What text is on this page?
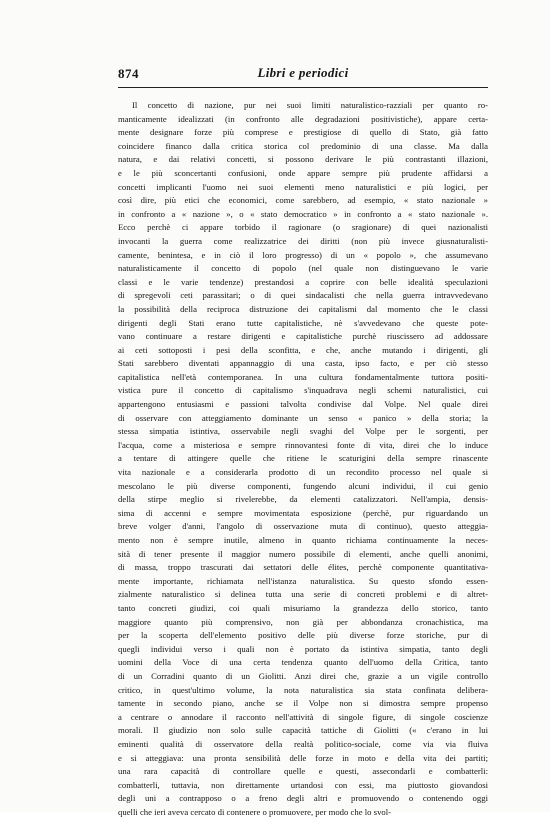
874	Libri e periodici
Il concetto di nazione, pur nei suoi limiti naturalistico-razziali per quanto ro-
manticamente idealizzati (in confronto alle degradazioni positivistiche), appare certa-
mente designare forze più comprese e prestigiose di quello di Stato, già fatto
coincidere financo dalla critica storica col predominio di una classe. Ma dalla
natura, e dai relativi concetti, si possono derivare le più contrastanti illazioni,
e le più sconcertanti confusioni, onde appare sempre più prudente affidarsi a
concetti implicanti l'uomo nei suoi elementi meno naturalistici e più logici, per
così dire, più etici che economici, come sarebbero, ad esempio, « stato nazionale »
in confronto a « nazione », o « stato democratico » in confronto a « stato nazionale ».
Ecco perchè ci appare torbido il ragionare (o sragionare) di quei nazionalisti
invocanti la guerra come realizzatrice dei diritti (non più invece giusnaturalisti-
camente, benintesa, e in ciò il loro progresso) di un « popolo », che assumevano
naturalisticamente il concetto di popolo (nel quale non distinguevano le varie
classi e le varie tendenze) prestandosi a coprire con belle idealità speculazioni
di spregevoli ceti parassitari; o di quei sindacalisti che nella guerra intravvedevano
la possibilità della reciproca distruzione dei capitalismi dal momento che le classi
dirigenti degli Stati erano tutte capitalistiche, nè s'avvedevano che queste pote-
vano continuare a restare dirigenti e capitalistiche purchè riuscissero ad addossare
ai ceti sottoposti i pesi della sconfitta, e che, anche mutando i dirigenti, gli
Stati sarebbero diventati appannaggio di una casta, ipso facto, e per ciò stesso
capitalistica nell'età contemporanea. In una cultura fondamentalmente tuttora positi-
vistica pure il concetto di capitalismo s'inquadrava negli schemi naturalistici, cui
appartengono entusiasmi e passioni talvolta condivise dal Volpe. Nel quale direi
di osservare con atteggiamento dominante un senso « panico » della storia; la
stessa simpatia istintiva, osservabile negli svaghi del Volpe per le sorgenti, per
l'acqua, come a misteriosa e sempre rinnovantesi fonte di vita, direi che lo induce
a tentare di attingere quelle che ritiene le scaturigini della sempre rinascente
vita nazionale e a considerarla prodotto di un recondito processo nel quale si
mescolano le più diverse componenti, fungendo alcuni individui, il cui genio
della stirpe meglio si rivelerebbe, da elementi catalizzatori. Nell'ampia, densis-
sima di accenni e sempre movimentata esposizione (perchè, pur riguardando un
breve volger d'anni, l'angolo di osservazione muta di continuo), questo atteggia-
mento non è sempre inutile, almeno in quanto richiama continuamente la neces-
sità di tener presente il maggior numero possibile di elementi, anche quelli anonimi,
di massa, troppo trascurati dai settatori delle élites, perchè componente quantitativa-
mente importante, richiamata nell'istanza naturalistica. Su questo sfondo essen-
zialmente naturalistico si delinea tutta una serie di concreti problemi e di altret-
tanto concreti giudizi, coi quali misuriamo la grandezza dello storico, tanto
maggiore quanto più comprensivo, non già per abbondanza cronachistica, ma
per la scoperta dell'elemento positivo delle più diverse forze storiche, pur di
quegli individui verso i quali non è portato da istintiva simpatia, tanto degli
uomini della Voce di una certa tendenza quanto dell'uomo della Critica, tanto
di un Corradini quanto di un Giolitti. Anzi direi che, grazie a un vigile controllo
critico, in quest'ultimo volume, la nota naturalistica sia stata confinata delibera-
tamente in secondo piano, anche se il Volpe non si dimostra sempre propenso
a centrare o annodare il racconto nell'attività di singole figure, di singole coscienze
morali. Il giudizio non solo sulle capacità tattiche di Giolitti (« c'erano in lui
eminenti qualità di osservatore della realtà politico-sociale, come via via fluiva
e si atteggiava: una pronta sensibilità delle forze in moto e della vita dei partiti;
una rara capacità di controllare quelle e questi, assecondarli e combatterli:
combatterli, tuttavia, non direttamente urtandosi con essi, ma piuttosto giovandosi
degli uni a contrapposo o a freno degli altri e promuovendo o contenendo oggi
quelli che ieri aveva cercato di contenere o promuovere, per modo che lo svol-
